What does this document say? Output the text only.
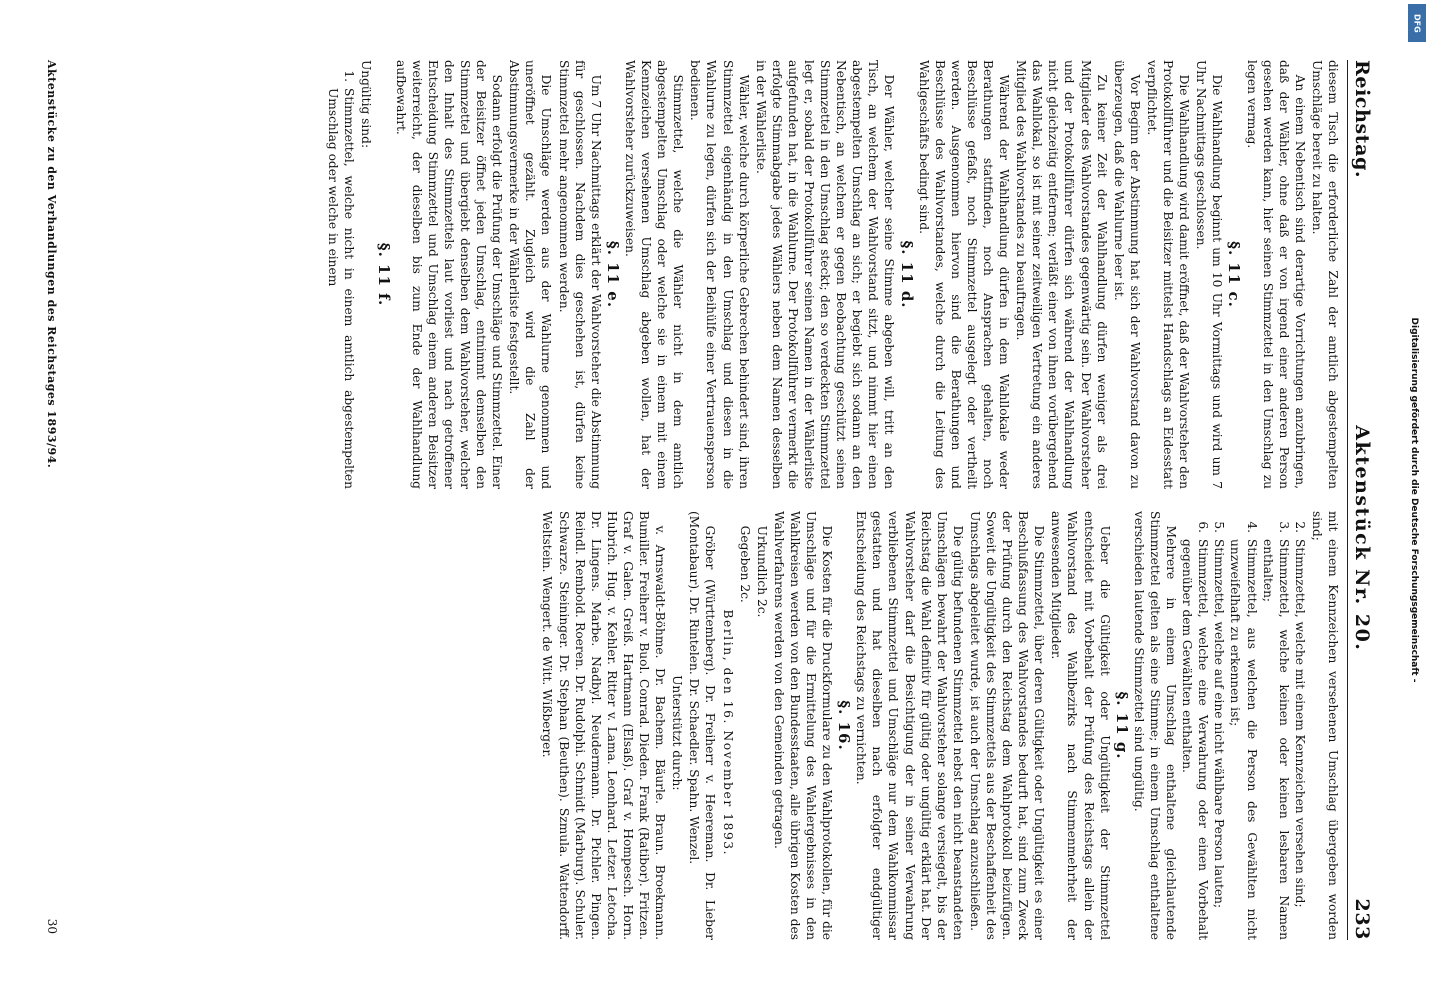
Reichstag.
Aktenstück Nr. 20.
233

diesem Tisch die erforderliche Zahl der amtlich abgestempelten Umschläge bereit zu halten.

An einem Nebentisch sind derartige Vorrichtungen anzubringen, daß der Wähler, ohne daß er von irgend einer anderen Person gesehen werden kann, hier seinen Stimmzettel in den Umschlag zu legen vermag.

§. 11 c.

Die Wahlhandlung beginnt um 10 Uhr Vormittags und wird um 7 Uhr Nachmittags geschlossen.

Die Wahlhandlung wird damit eröffnet, daß der Wahlvorsteher den Protokollführer und die Beisitzer mittelst Handschlags an Eidesstatt verpflichtet.

Vor Beginn der Abstimmung hat sich der Wahlvorstand davon zu überzeugen, daß die Wahlurne leer ist.

Zu keiner Zeit der Wahlhandlung dürfen weniger als drei Mitglieder des Wahlvorstandes gegenwärtig sein. Der Wahlvorsteher und der Protokollführer dürfen sich während der Wahlhandlung nicht gleichzeitig entfernen; verläßt einer von ihnen vorübergehend das Wahllokal, so ist mit seiner zeitweiligen Vertretung ein anderes Mitglied des Wahlvorstandes zu beauftragen.

Während der Wahlhandlung dürfen in dem Wahllokale weder Berathungen stattfinden, noch Ansprachen gehalten, noch Beschlüsse gefaßt, noch Stimmzettel ausgelegt oder vertheilt werden. Ausgenommen hiervon sind die Berathungen und Beschlüsse des Wahlvorstandes, welche durch die Leitung des Wahlgeschäfts bedingt sind.

§. 11 d.

Der Wähler, welcher seine Stimme abgeben will, tritt an den Tisch, an welchem der Wahlvorstand sitzt, und nimmt hier einen abgestempelten Umschlag an sich; er begiebt sich sodann an den Nebentisch, an welchem er gegen Beobachtung geschützt seinen Stimmzettel in den Umschlag steckt; den so verdeckten Stimmzettel legt er, sobald der Protokollführer seinen Namen in der Wählerliste aufgefunden hat, in die Wahlurne. Der Protokollführer vermerkt die erfolgte Stimmabgabe jedes Wählers neben dem Namen desselben in der Wählerliste.

Wähler, welche durch körperliche Gebrechen behindert sind, ihren Stimmzettel eigenhändig in den Umschlag und diesen in die Wahlurne zu legen, dürfen sich der Beihülfe einer Vertrauensperson bedienen.

Stimmzettel, welche die Wähler nicht in dem amtlich abgestempelten Umschlag oder welche sie in einem mit einem Kennzeichen versehenen Umschlag abgeben wollen, hat der Wahlvorsteher zurückzuweisen.

§. 11 e.

Um 7 Uhr Nachmittags erklärt der Wahlvorsteher die Abstimmung für geschlossen. Nachdem dies geschehen ist, dürfen keine Stimmzettel mehr angenommen werden.

Die Umschläge werden aus der Wahlurne genommen und uneröffnet gezählt. Zugleich wird die Zahl der Abstimmungsvermerke in der Wählerliste festgestellt.

Sodann erfolgt die Prüfung der Umschläge und Stimmzettel. Einer der Beisitzer öffnet jeden Umschlag, entnimmt demselben den Stimmzettel und übergiebt denselben dem Wahlvorsteher, welcher den Inhalt des Stimmzettels laut vorliest und nach getroffener Entscheidung Stimmzettel und Umschlag einem anderen Beisitzer weiterreicht, der dieselben bis zum Ende der Wahlhandlung aufbewahrt.

§. 11 f.

Ungültig sind:

1.
Stimmzettel, welche nicht in einem amtlich abgestempelten Umschlag oder welche in einem

mit einem Kennzeichen versehenen Umschlag übergeben worden sind;

2.
Stimmzettel, welche mit einem Kennzeichen versehen sind;
3.
Stimmzettel, welche keinen oder keinen lesbaren Namen enthalten;
4.
Stimmzettel, aus welchen die Person des Gewählten nicht unzweifelhaft zu erkennen ist;
5.
Stimmzettel, welche auf eine nicht wählbare Person lauten;
6.
Stimmzettel, welche eine Verwahrung oder einen Vorbehalt gegenüber dem Gewählten enthalten.

Mehrere in einem Umschlag enthaltene gleichlautende Stimmzettel gelten als eine Stimme; in einem Umschlag enthaltene verschieden lautende Stimmzettel sind ungültig.

§. 11 g.

Ueber die Gültigkeit oder Ungültigkeit der Stimmzettel entscheidet mit Vorbehalt der Prüfung des Reichstags allein der Wahlvorstand des Wahlbezirks nach Stimmenmehrheit der anwesenden Mitglieder.

Die Stimmzettel, über deren Gültigkeit oder Ungültigkeit es einer Beschlußfassung des Wahlvorstandes bedurft hat, sind zum Zweck der Prüfung durch den Reichstag dem Wahlprotokoll beizufügen. Soweit die Ungültigkeit des Stimmzettels aus der Beschaffenheit des Umschlags abgeleitet wurde, ist auch der Umschlag anzuschließen.

Die gültig befundenen Stimmzettel nebst den nicht beanstandeten Umschlägen bewahrt der Wahlvorsteher solange versiegelt, bis der Reichstag die Wahl definitiv für gültig oder ungültig erklärt hat. Der Wahlvorsteher darf die Besichtigung der in seiner Verwahrung verbliebenen Stimmzettel und Umschläge nur dem Wahlkommissar gestatten und hat dieselben nach erfolgter endgültiger Entscheidung des Reichstags zu vernichten.

§. 16.

Die Kosten für die Druckformulare zu den Wahlprotokollen, für die Umschläge und für die Ermittelung des Wahlergebnisses in den Wahlkreisen werden von den Bundesstaaten, alle übrigen Kosten des Wahlverfahrens werden von den Gemeinden getragen.

Urkundlich 2c.

Gegeben 2c.

Berlin, den 16. November 1893.

Gröber (Württemberg). Dr. Freiherr v. Heereman. Dr. Lieber (Montabaur). Dr. Rintelen. Dr. Schaedler. Spahn. Wenzel.

Unterstützt durch:

v. Arnswaldt-Böhme. Dr. Bachem. Bäurle. Braun. Broekmann. Bumiller. Freiherr v. Buol. Conrad. Dieden. Frank (Ratibor). Fritzen. Graf v. Galen. Greiß. Hartmann (Elsaß). Graf v. Hompesch. Horn. Hubrich. Hug. v. Kehler. Ritter v. Lama. Leonhard. Letzer. Letocha. Dr. Lingens. Marbe. Nadbyl. Neudermann. Dr. Pichler. Pingen. Reindl. Rembold. Roeren. Dr. Rudolphi. Schmidt (Marburg). Schuler. Schwarze. Steininger. Dr. Stephan (Beuthen). Szmula. Wattendorff. Weltstein. Wengert. de Witt. Wißberger.

Aktenstücke zu den Verhandlungen des Reichstages 1893/94.
30
Digitalisierung gefördert durch die Deutsche Forschungsgemeinschaft -
DFG
